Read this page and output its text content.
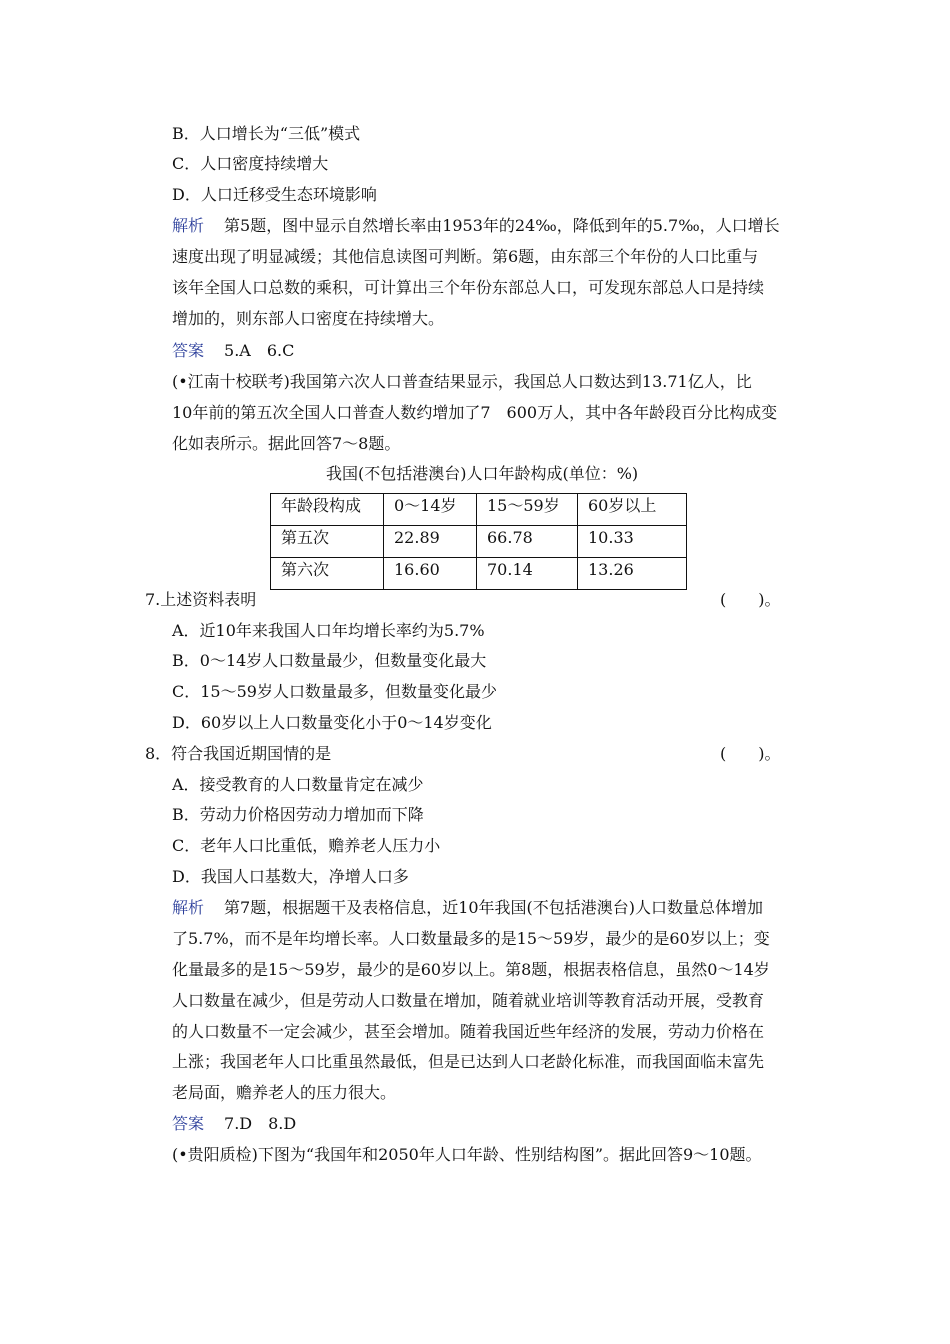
B．人口增长为“三低”模式
C．人口密度持续增大
D．人口迁移受生态环境影响
解析 第5题，图中显示自然增长率由1953年的24‰，降低到年的5.7‰，人口增长
速度出现了明显减缓；其他信息读图可判断。第6题，由东部三个年份的人口比重与
该年全国人口总数的乘积，可计算出三个年份东部总人口，可发现东部总人口是持续
增加的，则东部人口密度在持续增大。
答案 5.A　6.C
(•江南十校联考)我国第六次人口普查结果显示，我国总人口数达到13.71亿人，比
10年前的第五次全国人口普查人数约增加了7　600万人，其中各年龄段百分比构成变
化如表所示。据此回答7～8题。
我国(不包括港澳台)人口年龄构成(单位：%)
年龄段构成	0～14岁	15～59岁	60岁以上
第五次	22.89	66.78	10.33
第六次	16.60	70.14	13.26
7.上述资料表明	(　　)。
A．近10年来我国人口年均增长率约为5.7%
B．0～14岁人口数量最少，但数量变化最大
C．15～59岁人口数量最多，但数量变化最少
D．60岁以上人口数量变化小于0～14岁变化
8．符合我国近期国情的是	(　　)。
A．接受教育的人口数量肯定在减少
B．劳动力价格因劳动力增加而下降
C．老年人口比重低，赡养老人压力小
D．我国人口基数大，净增人口多
解析 第7题，根据题干及表格信息，近10年我国(不包括港澳台)人口数量总体增加
了5.7%，而不是年均增长率。人口数量最多的是15～59岁，最少的是60岁以上；变
化量最多的是15～59岁，最少的是60岁以上。第8题，根据表格信息，虽然0～14岁
人口数量在减少，但是劳动人口数量在增加，随着就业培训等教育活动开展，受教育
的人口数量不一定会减少，甚至会增加。随着我国近些年经济的发展，劳动力价格在
上涨；我国老年人口比重虽然最低，但是已达到人口老龄化标准，而我国面临未富先
老局面，赡养老人的压力很大。
答案 7.D　8.D
(•贵阳质检)下图为“我国年和2050年人口年龄、性别结构图”。据此回答9～10题。
